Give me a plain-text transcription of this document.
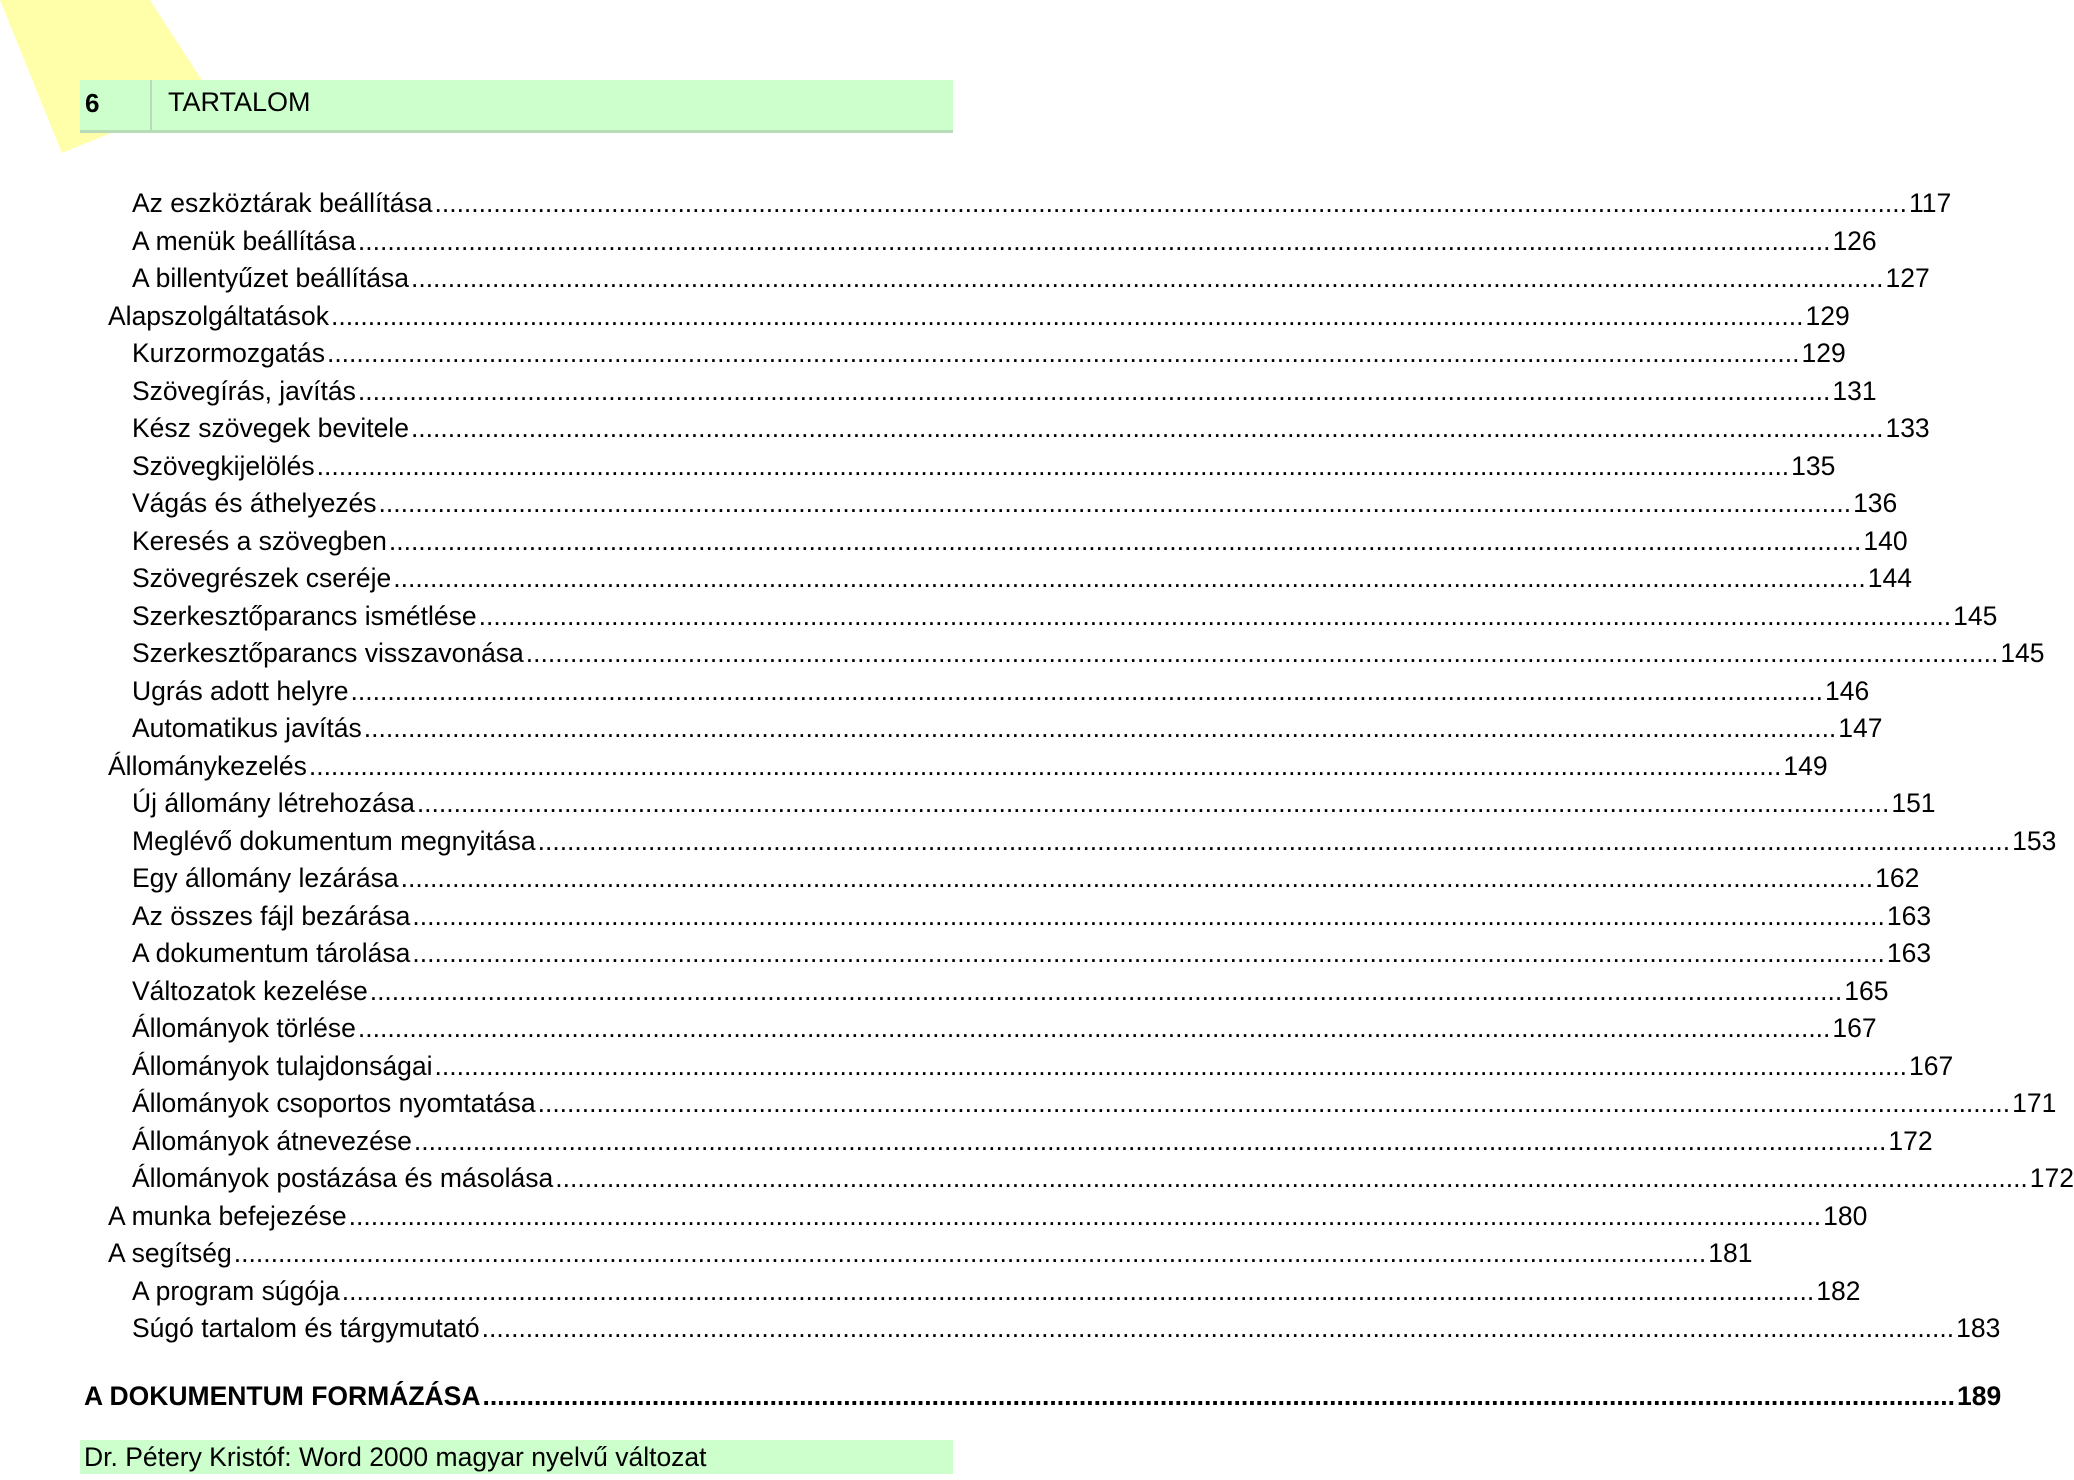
6	TARTALOM
Az eszköztárak beállítása ........................................................................................................................................................................................................ 117
A menük beállítása ........................................................................................................................................................................................................ 126
A billentyűzet beállítása ........................................................................................................................................................................................................ 127
Alapszolgáltatások ........................................................................................................................................................................................................ 129
Kurzormozgatás ........................................................................................................................................................................................................ 129
Szövegírás, javítás ........................................................................................................................................................................................................ 131
Kész szövegek bevitele ........................................................................................................................................................................................................ 133
Szövegkijelölés ........................................................................................................................................................................................................ 135
Vágás és áthelyezés ........................................................................................................................................................................................................ 136
Keresés a szövegben ........................................................................................................................................................................................................ 140
Szövegrészek cseréje ........................................................................................................................................................................................................ 144
Szerkesztőparancs ismétlése ........................................................................................................................................................................................................ 145
Szerkesztőparancs visszavonása ........................................................................................................................................................................................................ 145
Ugrás adott helyre ........................................................................................................................................................................................................ 146
Automatikus javítás ........................................................................................................................................................................................................ 147
Állománykezelés ........................................................................................................................................................................................................ 149
Új állomány létrehozása ........................................................................................................................................................................................................ 151
Meglévő dokumentum megnyitása ........................................................................................................................................................................................................ 153
Egy állomány lezárása ........................................................................................................................................................................................................ 162
Az összes fájl bezárása ........................................................................................................................................................................................................ 163
A dokumentum tárolása ........................................................................................................................................................................................................ 163
Változatok kezelése ........................................................................................................................................................................................................ 165
Állományok törlése ........................................................................................................................................................................................................ 167
Állományok tulajdonságai ........................................................................................................................................................................................................ 167
Állományok csoportos nyomtatása ........................................................................................................................................................................................................ 171
Állományok átnevezése ........................................................................................................................................................................................................ 172
Állományok postázása és másolása ........................................................................................................................................................................................................ 172
A munka befejezése ........................................................................................................................................................................................................ 180
A segítség ........................................................................................................................................................................................................ 181
A program súgója ........................................................................................................................................................................................................ 182
Súgó tartalom és tárgymutató ........................................................................................................................................................................................................ 183
A DOKUMENTUM FORMÁZÁSA ........................................................................................................................................................................................................ 189
Dr. Pétery Kristóf: Word 2000 magyar nyelvű változat
